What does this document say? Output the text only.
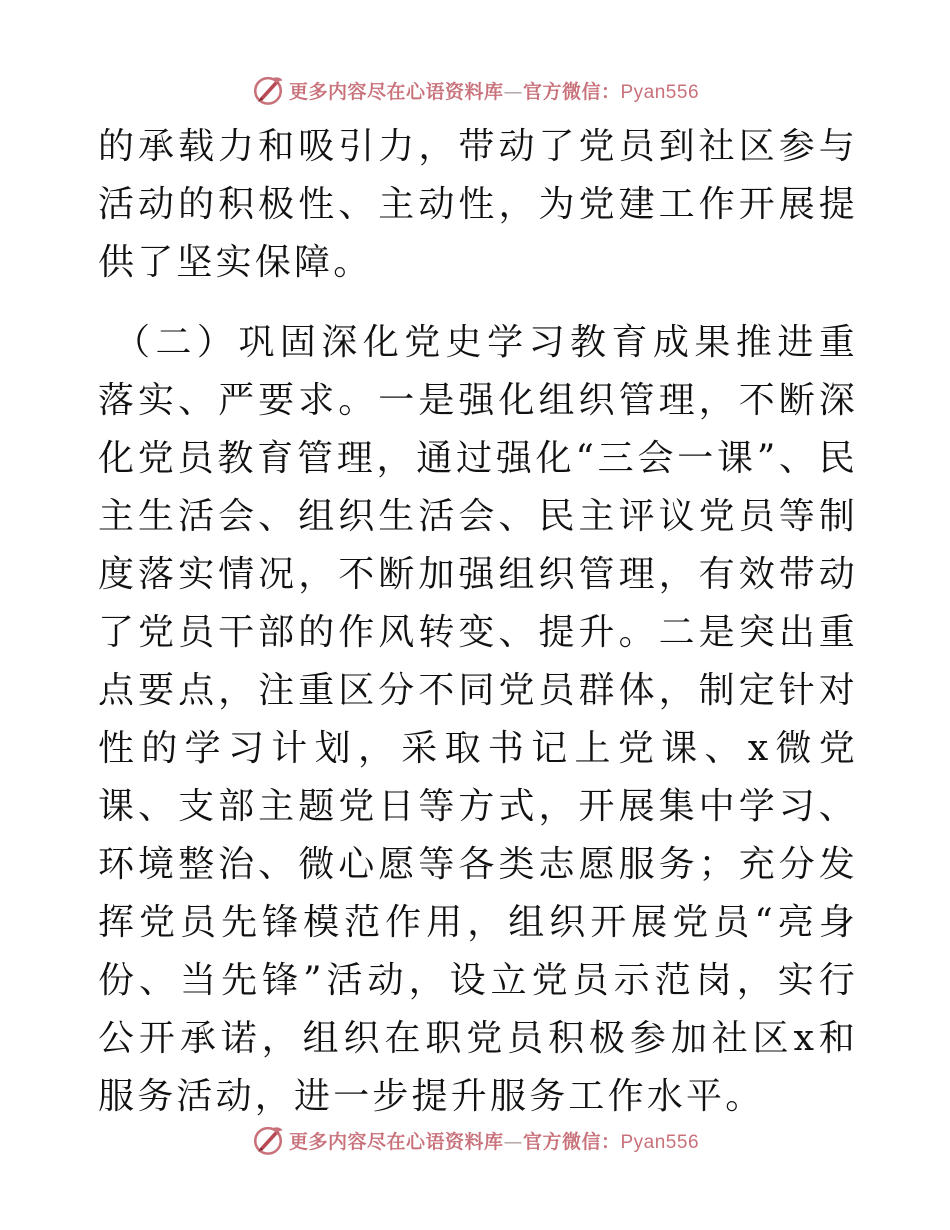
更多内容尽在心语资料库—官方微信：Pyan556

的承载力和吸引力，带动了党员到社区参与活动的积极性、主动性，为党建工作开展提供了坚实保障。

（二）巩固深化党史学习教育成果推进重落实、严要求。一是强化组织管理，不断深化党员教育管理，通过强化“三会一课”、民主生活会、组织生活会、民主评议党员等制度落实情况，不断加强组织管理，有效带动了党员干部的作风转变、提升。二是突出重点要点，注重区分不同党员群体，制定针对性的学习计划，采取书记上党课、x微党课、支部主题党日等方式，开展集中学习、环境整治、微心愿等各类志愿服务；充分发挥党员先锋模范作用，组织开展党员“亮身份、当先锋”活动，设立党员示范岗，实行公开承诺，组织在职党员积极参加社区x和服务活动，进一步提升服务工作水平。

更多内容尽在心语资料库—官方微信：Pyan556
